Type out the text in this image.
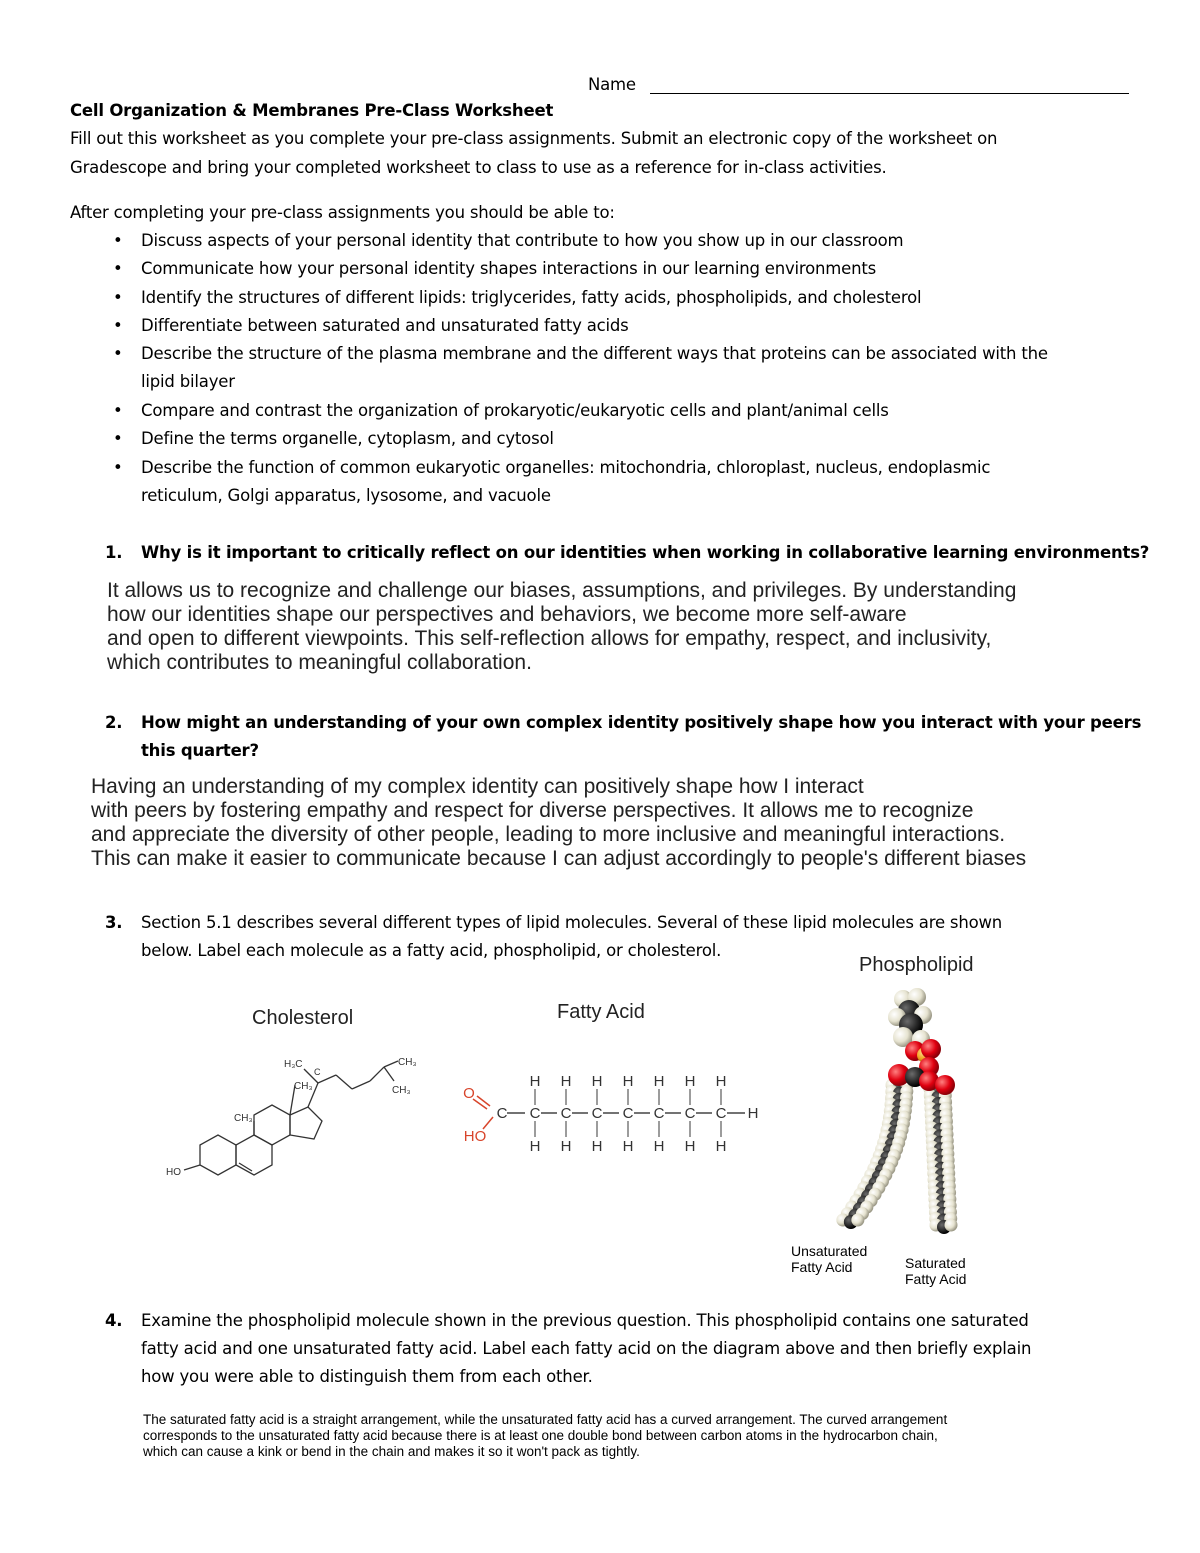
Name
Cell Organization & Membranes Pre-Class Worksheet
Fill out this worksheet as you complete your pre-class assignments. Submit an electronic copy of the worksheet on
Gradescope and bring your completed worksheet to class to use as a reference for in-class activities.
After completing your pre-class assignments you should be able to:
• Discuss aspects of your personal identity that contribute to how you show up in our classroom
• Communicate how your personal identity shapes interactions in our learning environments
• Identify the structures of different lipids: triglycerides, fatty acids, phospholipids, and cholesterol
• Differentiate between saturated and unsaturated fatty acids
• Describe the structure of the plasma membrane and the different ways that proteins can be associated with the
lipid bilayer
• Compare and contrast the organization of prokaryotic/eukaryotic cells and plant/animal cells
• Define the terms organelle, cytoplasm, and cytosol
• Describe the function of common eukaryotic organelles: mitochondria, chloroplast, nucleus, endoplasmic
reticulum, Golgi apparatus, lysosome, and vacuole
1. Why is it important to critically reflect on our identities when working in collaborative learning environments?
It allows us to recognize and challenge our biases, assumptions, and privileges. By understanding
how our identities shape our perspectives and behaviors, we become more self-aware
and open to different viewpoints. This self-reflection allows for empathy, respect, and inclusivity,
which contributes to meaningful collaboration.
2. How might an understanding of your own complex identity positively shape how you interact with your peers
this quarter?
Having an understanding of my complex identity can positively shape how I interact
with peers by fostering empathy and respect for diverse perspectives. It allows me to recognize
and appreciate the diversity of other people, leading to more inclusive and meaningful interactions.
This can make it easier to communicate because I can adjust accordingly to people's different biases
3. Section 5.1 describes several different types of lipid molecules. Several of these lipid molecules are shown
below. Label each molecule as a fatty acid, phospholipid, or cholesterol.
Phospholipid
Cholesterol	Fatty Acid
H₃C
C
CH₃
CH₃
CH₃
CH₃
HO
O
HO
C C C C C C C C H
H H H H H H H
H H H H H H H
Unsaturated
Fatty Acid	Saturated
Fatty Acid
4. Examine the phospholipid molecule shown in the previous question. This phospholipid contains one saturated
fatty acid and one unsaturated fatty acid. Label each fatty acid on the diagram above and then briefly explain
how you were able to distinguish them from each other.
The saturated fatty acid is a straight arrangement, while the unsaturated fatty acid has a curved arrangement. The curved arrangement
corresponds to the unsaturated fatty acid because there is at least one double bond between carbon atoms in the hydrocarbon chain,
which can cause a kink or bend in the chain and makes it so it won't pack as tightly.
